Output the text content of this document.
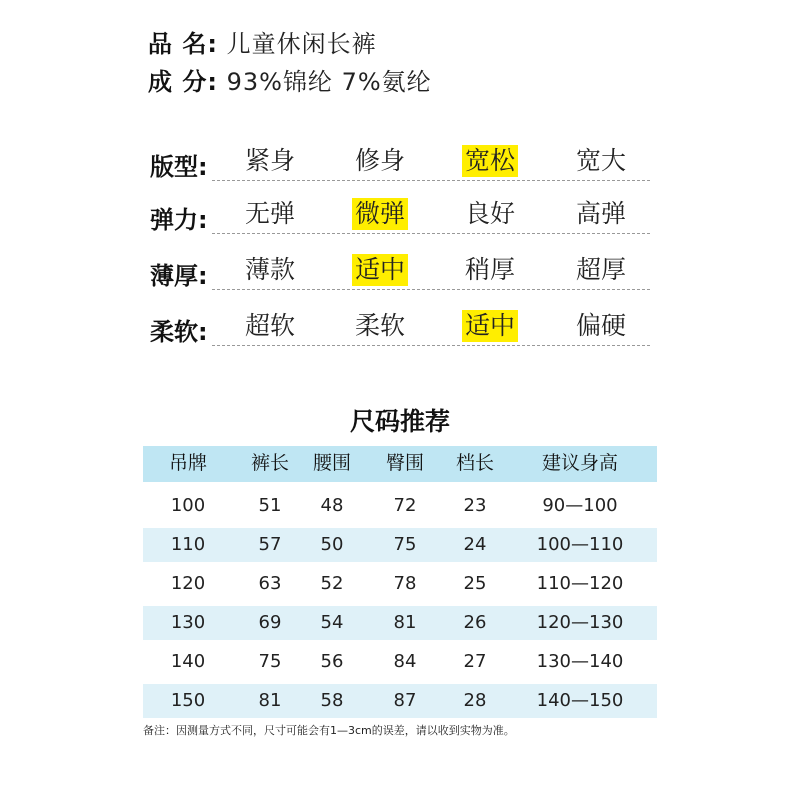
品 名: 儿童休闲长裤
成 分: 93%锦纶 7%氨纶
版型: 紧身 修身 宽松 宽大
弹力: 无弹 微弹 良好 高弹
薄厚: 薄款 适中 稍厚 超厚
柔软: 超软 柔软 适中 偏硬
尺码推荐
吊牌	裤长	腰围	臀围	档长	建议身高
100	51	48	72	23	90—100
110	57	50	75	24	100—110
120	63	52	78	25	110—120
130	69	54	81	26	120—130
140	75	56	84	27	130—140
150	81	58	87	28	140—150
备注：因测量方式不同，尺寸可能会有1—3cm的误差，请以收到实物为准。
